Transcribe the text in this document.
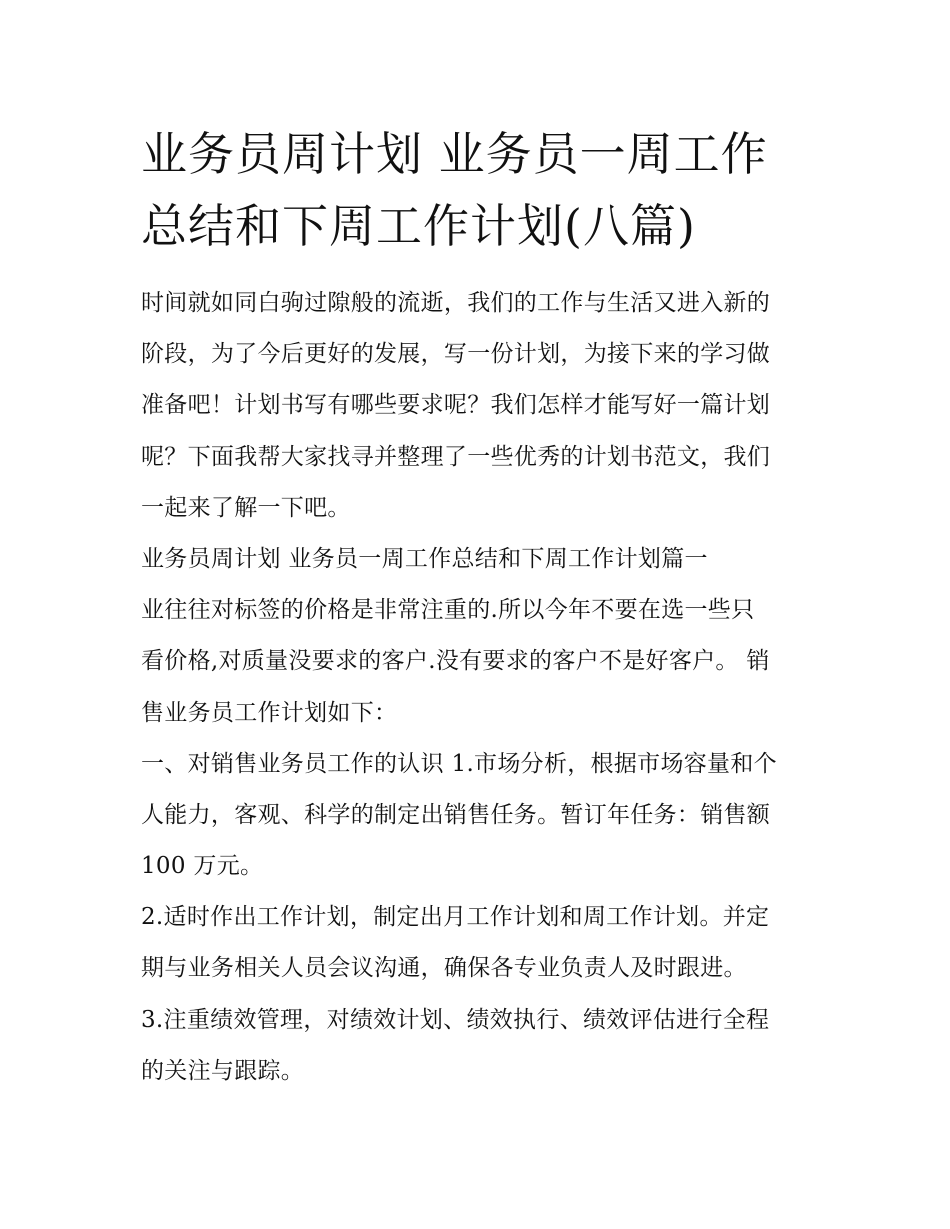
业务员周计划 业务员一周工作
总结和下周工作计划(八篇)
时间就如同白驹过隙般的流逝，我们的工作与生活又进入新的
阶段，为了今后更好的发展，写一份计划，为接下来的学习做
准备吧！计划书写有哪些要求呢？我们怎样才能写好一篇计划
呢？下面我帮大家找寻并整理了一些优秀的计划书范文，我们
一起来了解一下吧。
业务员周计划 业务员一周工作总结和下周工作计划篇一
业往往对标签的价格是非常注重的.所以今年不要在选一些只
看价格,对质量没要求的客户.没有要求的客户不是好客户。 销
售业务员工作计划如下：
一、对销售业务员工作的认识 1.市场分析，根据市场容量和个
人能力，客观、科学的制定出销售任务。暂订年任务：销售额
100 万元。
2.适时作出工作计划，制定出月工作计划和周工作计划。并定
期与业务相关人员会议沟通，确保各专业负责人及时跟进。
3.注重绩效管理，对绩效计划、绩效执行、绩效评估进行全程
的关注与跟踪。
